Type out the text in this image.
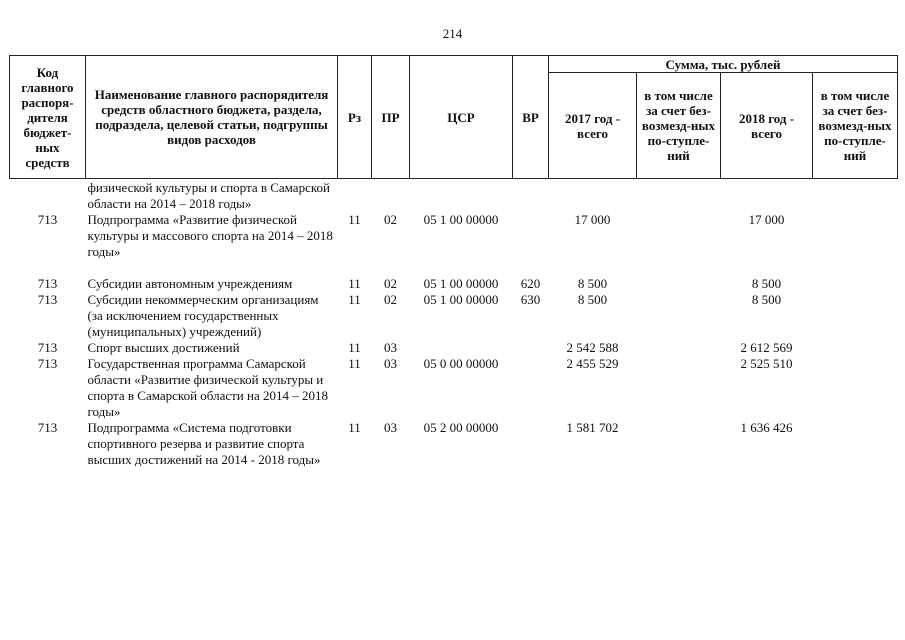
214
Код главного распоря-дителя бюджет-ных средств	Наименование главного распорядителя средств областного бюджета, раздела, подраздела, целевой статьи, подгруппы видов расходов	Рз	ПР	ЦСР	ВР	Сумма, тыс. рублей			
						2017 год - всего	в том числе за счет без-возмезд-ных по-ступле-ний	2018 год - всего	в том числе за счет без-возмезд-ных по-ступле-ний
	физической культуры и спорта в Самарской области на 2014 – 2018 годы»								
713	Подпрограмма «Развитие физической культуры и массового спорта на 2014 – 2018 годы»	11	02	05 1 00 00000		17 000		17 000	

713	Субсидии автономным учреждениям	11	02	05 1 00 00000	620	8 500		8 500	
713	Субсидии некоммерческим организациям (за исключением государственных (муниципальных) учреждений)	11	02	05 1 00 00000	630	8 500		8 500	
713	Спорт высших достижений	11	03			2 542 588		2 612 569	
713	Государственная программа Самарской области «Развитие физической культуры и спорта в Самарской области на 2014 – 2018 годы»	11	03	05 0 00 00000		2 455 529		2 525 510	
713	Подпрограмма «Система подготовки спортивного резерва и развитие спорта высших достижений на 2014 - 2018 годы»	11	03	05 2 00 00000		1 581 702		1 636 426	
